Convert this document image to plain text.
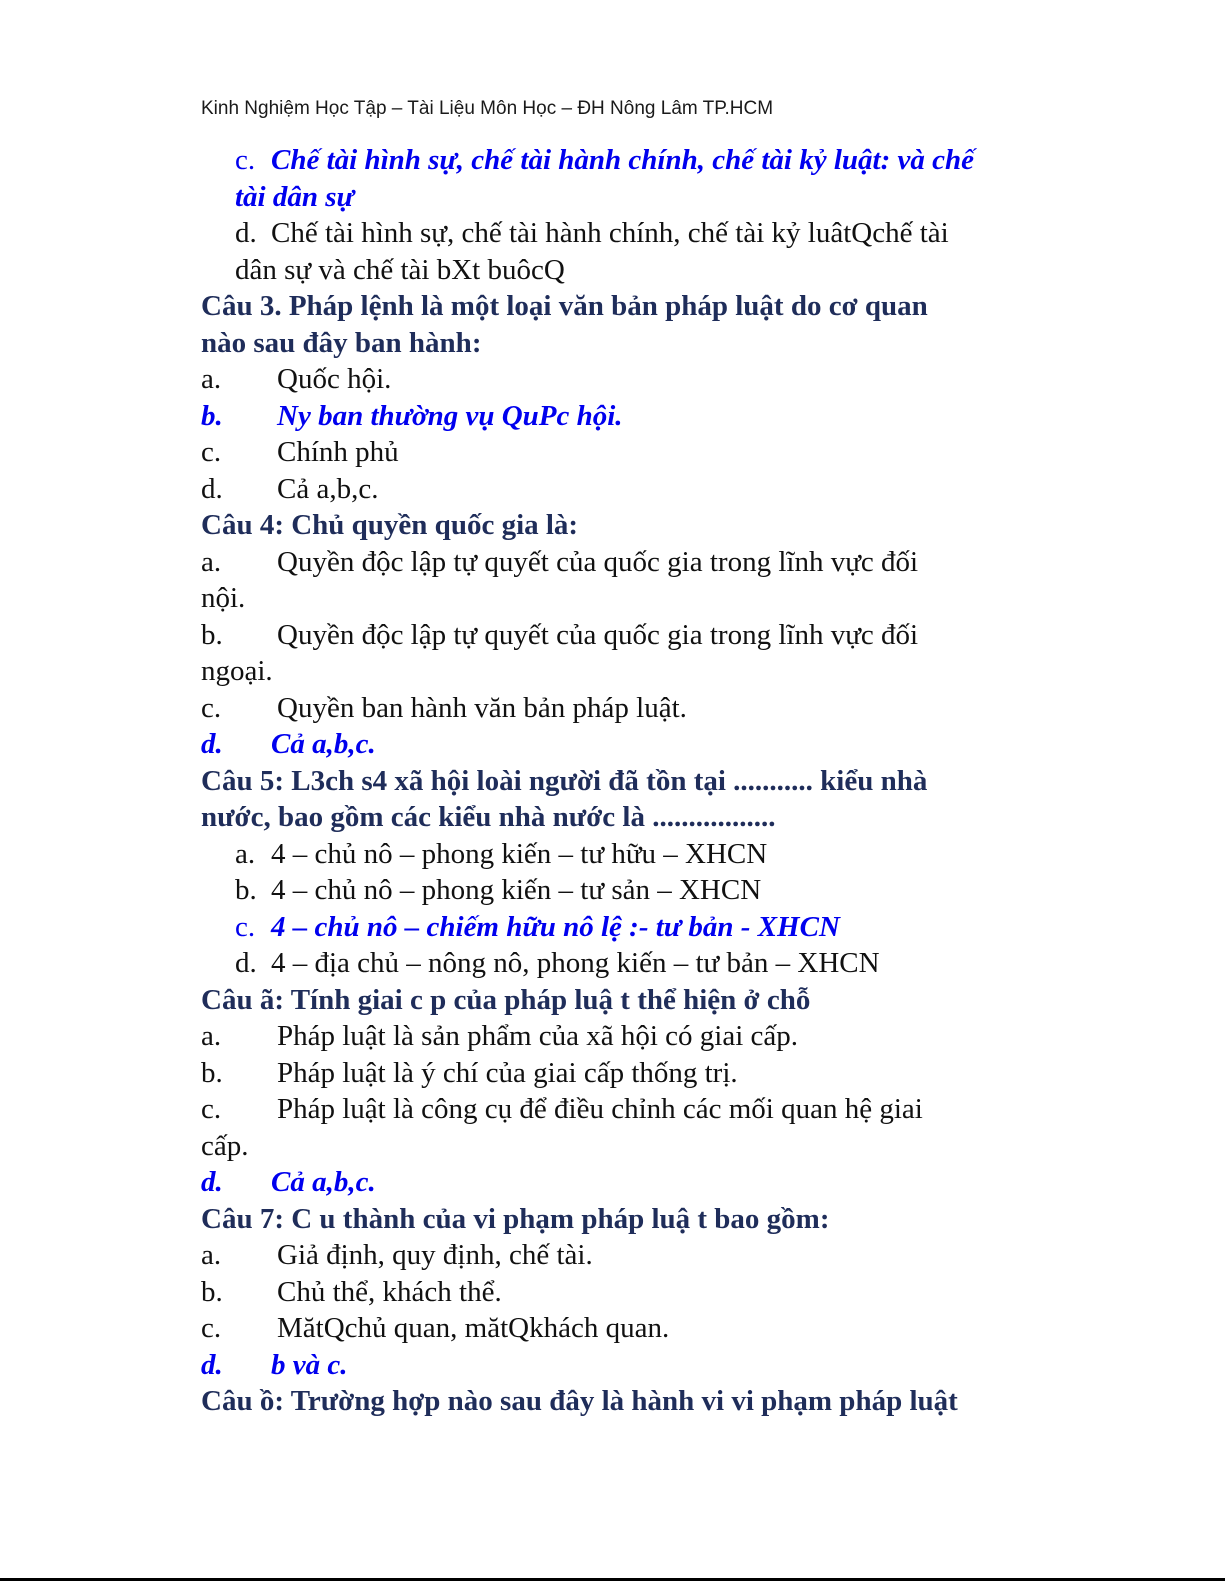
Kinh Nghiệm Học Tập – Tài Liệu Môn Học – ĐH Nông Lâm TP.HCM
c. Chế tài hình sự, chế tài hành chính, chế tài kỷ luật: và chế
tài dân sự
d. Chế tài hình sự, chế tài hành chính, chế tài kỷ luâtQchế tài
dân sự và chế tài bXt buôcQ
Câu 3. Pháp lệnh là một loại văn bản pháp luật do cơ quan
nào sau đây ban hành:
a. Quốc hội.
b. Ny ban thường vụ QuPc hội.
c. Chính phủ
d. Cả a,b,c.
Câu 4: Chủ quyền quốc gia là:
a. Quyền độc lập tự quyết của quốc gia trong lĩnh vực đối
nội.
b. Quyền độc lập tự quyết của quốc gia trong lĩnh vực đối
ngoại.
c. Quyền ban hành văn bản pháp luật.
d. Cả a,b,c.
Câu 5: L3ch s4 xã hội loài người đã tồn tại ........... kiểu nhà
nước, bao gồm các kiểu nhà nước là .................
a. 4 – chủ nô – phong kiến – tư hữu – XHCN
b. 4 – chủ nô – phong kiến – tư sản – XHCN
c. 4 – chủ nô – chiếm hữu nô lệ :- tư bản - XHCN
d. 4 – địa chủ – nông nô, phong kiến – tư bản – XHCN
Câu ã: Tính giai c p của pháp luậ t thể hiện ở chỗ
a. Pháp luật là sản phẩm của xã hội có giai cấp.
b. Pháp luật là ý chí của giai cấp thống trị.
c. Pháp luật là công cụ để điều chỉnh các mối quan hệ giai
cấp.
d. Cả a,b,c.
Câu 7: C u thành của vi phạm pháp luậ t bao gồm:
a. Giả định, quy định, chế tài.
b. Chủ thể, khách thể.
c. MătQchủ quan, mătQkhách quan.
d. b và c.
Câu ồ: Trường hợp nào sau đây là hành vi vi phạm pháp luật
